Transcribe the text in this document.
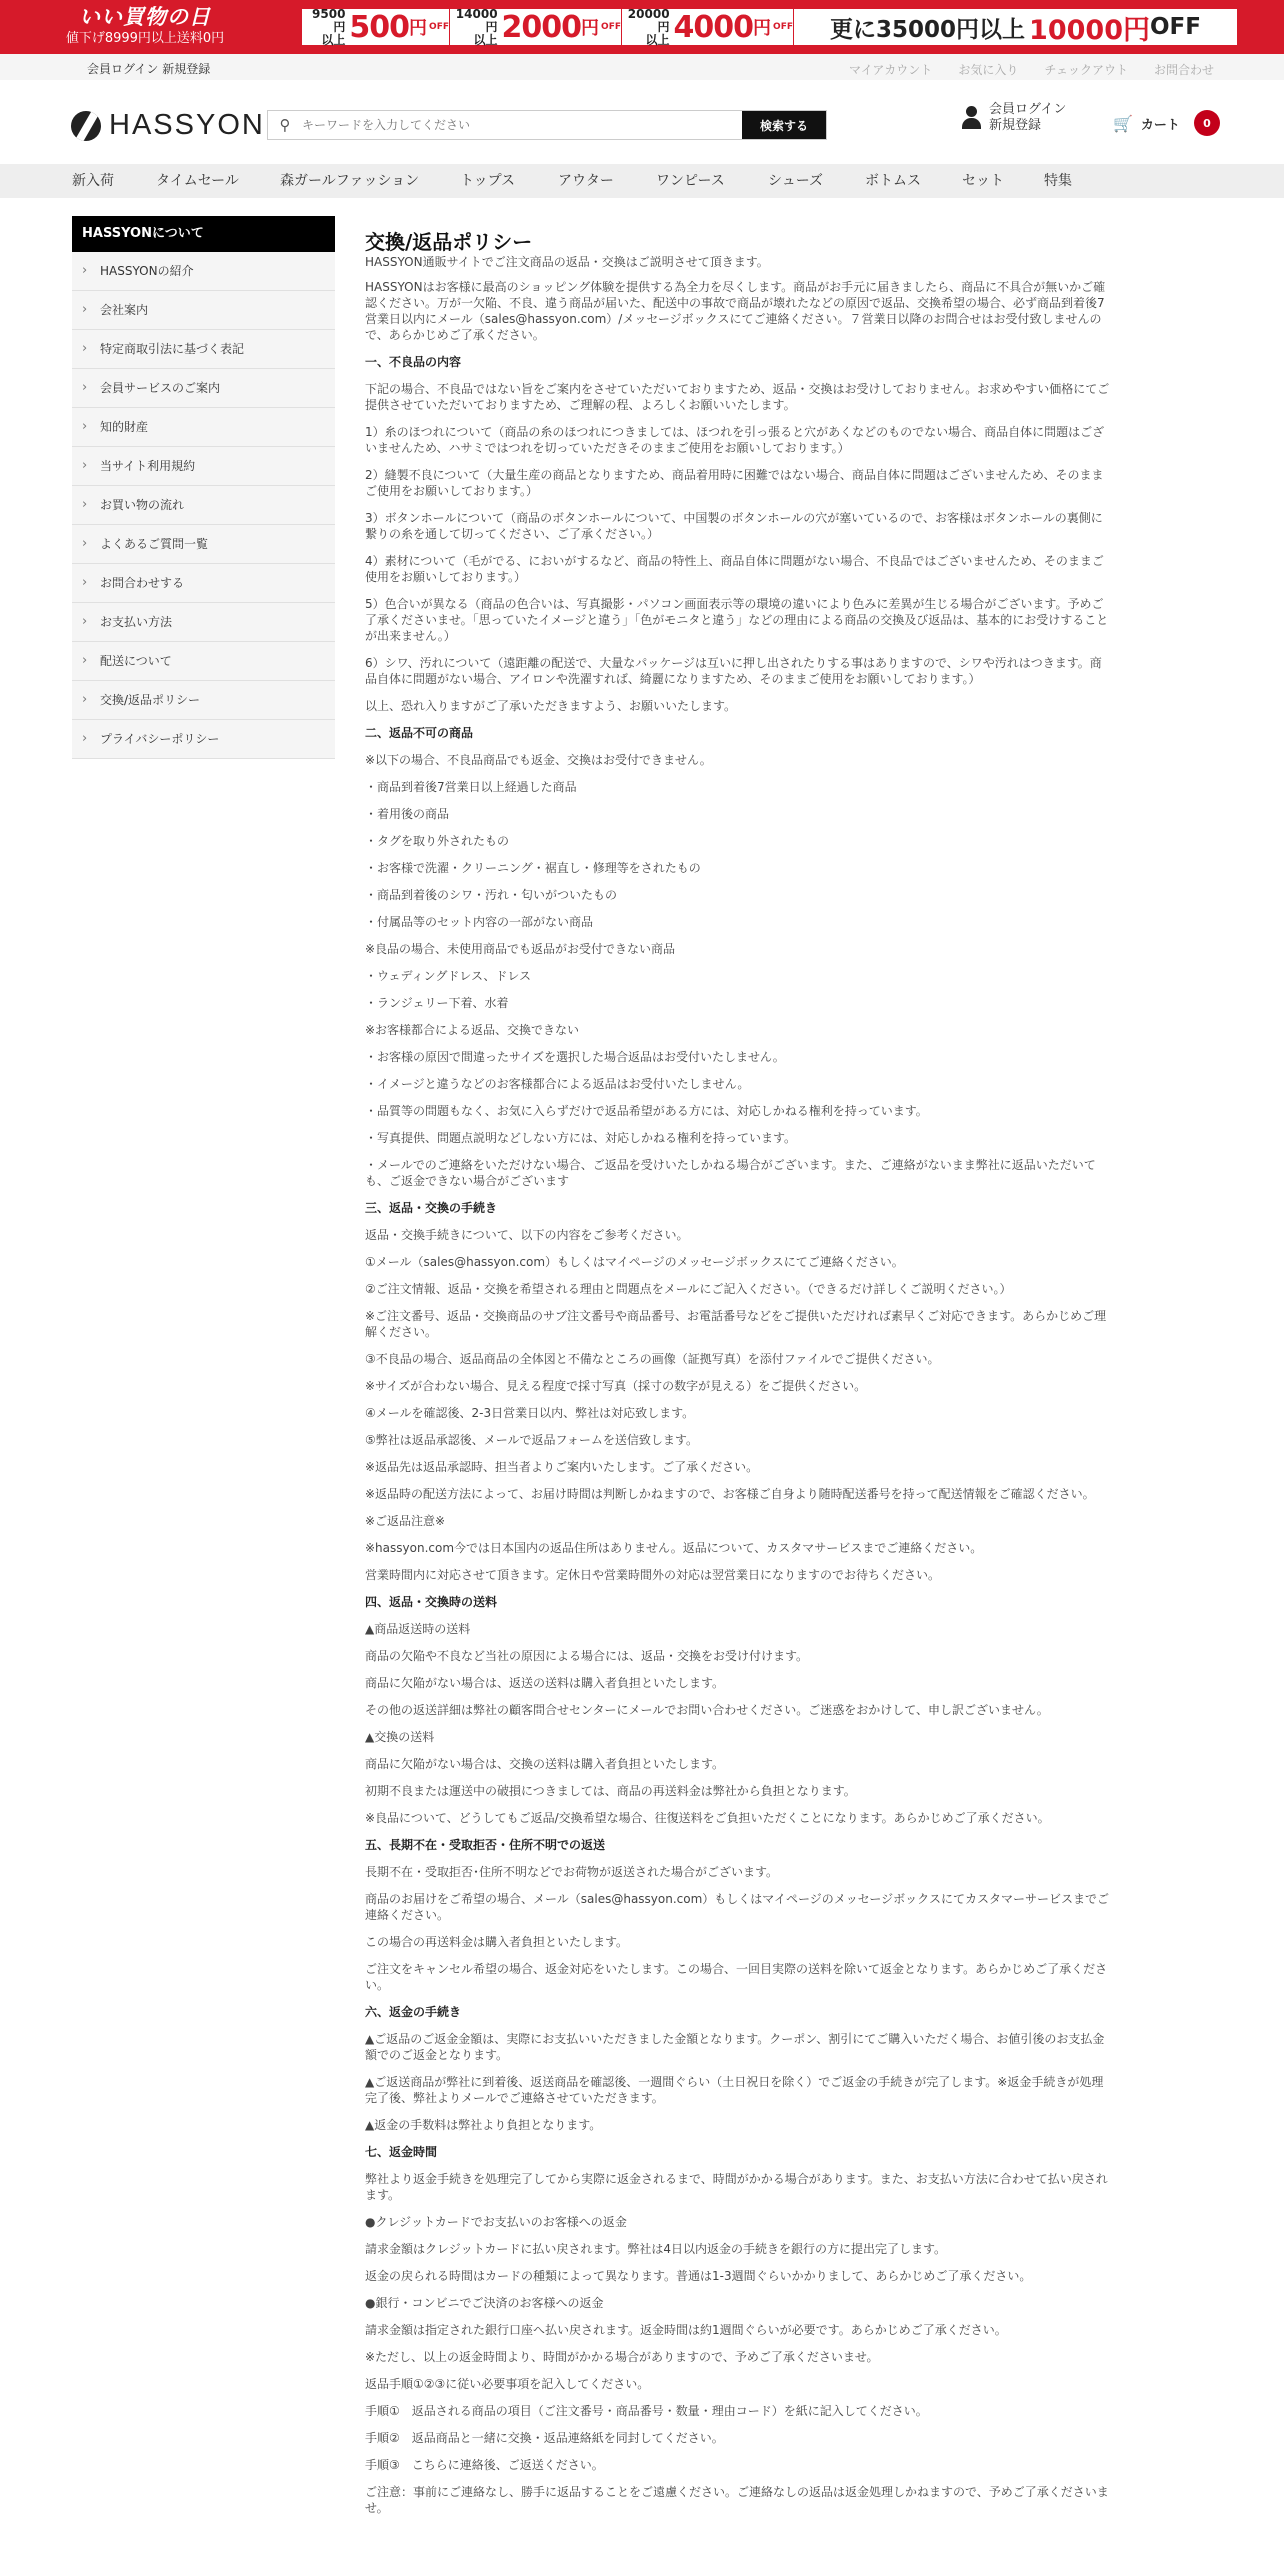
いい買物の日
値下げ8999円以上送料0円
9500円
以上 500 円 OFF
14000円
以上 2000 円 OFF
20000円
以上 4000 円 OFF 更に35000円以上 10000円 OFF
会員ログイン 新規登録	マイアカウント お気に入り チェックアウト お問合わせ
HASSYON ⚲
キーワードを入力してください	検索する
会員ログイン
新規登録	🛒 カート	0
新入荷	タイムセール	森ガールファッション	トップス	アウター	ワンピース	シューズ	ボトムス	セット	特集
HASSYONについて
› HASSYONの紹介
› 会社案内
› 特定商取引法に基づく表記
› 会員サービスのご案内
› 知的財産
› 当サイト利用規約
› お買い物の流れ
› よくあるご質問一覧
› お問合わせする
› お支払い方法
› 配送について
› 交換/返品ポリシー
› プライバシーポリシー
交換/返品ポリシー

HASSYON通販サイトでご注文商品の返品・交換はご説明させて頂きます。

HASSYONはお客様に最高のショッピング体験を提供する為全力を尽くします。商品がお手元に届きましたら、商品に不具合が無いかご確認ください。万が一欠陥、不良、違う商品が届いた、配送中の事故で商品が壊れたなどの原因で返品、交換希望の場合、必ず商品到着後7営業日以内にメール（sales@hassyon.com）/メッセージボックスにてご連絡ください。７営業日以降のお問合せはお受付致しませんので、あらかじめご了承ください。

一、不良品の内容

下記の場合、不良品ではない旨をご案内をさせていただいておりますため、返品・交換はお受けしておりません。お求めやすい価格にてご提供させていただいておりますため、ご理解の程、よろしくお願いいたします。

1）糸のほつれについて（商品の糸のほつれにつきましては、ほつれを引っ張ると穴があくなどのものでない場合、商品自体に問題はございませんため、ハサミではつれを切っていただきそのままご使用をお願いしております。）

2）縫製不良について（大量生産の商品となりますため、商品着用時に困難ではない場合、商品自体に問題はございませんため、そのままご使用をお願いしております。）

3）ボタンホールについて（商品のボタンホールについて、中国製のボタンホールの穴が塞いているので、お客様はボタンホールの裏側に繋りの糸を通して切ってください、ご了承ください。）

4）素材について（毛がでる、においがするなど、商品の特性上、商品自体に問題がない場合、不良品ではございませんため、そのままご使用をお願いしております。）

5）色合いが異なる（商品の色合いは、写真撮影・パソコン画面表示等の環境の違いにより色みに差異が生じる場合がございます。予めご了承くださいませ。「思っていたイメージと違う」「色がモニタと違う」などの理由による商品の交換及び返品は、基本的にお受けすることが出来ません。）

6）シワ、汚れについて（遠距離の配送で、大量なパッケージは互いに押し出されたりする事はありますので、シワや汚れはつきます。商品自体に問題がない場合、アイロンや洗濯すれば、綺麗になりますため、そのままご使用をお願いしております。）

以上、恐れ入りますがご了承いただきますよう、お願いいたします。

二、返品不可の商品

※以下の場合、不良品商品でも返金、交換はお受付できません。

・商品到着後7営業日以上経過した商品

・着用後の商品

・タグを取り外されたもの

・お客様で洗濯・クリーニング・裾直し・修理等をされたもの

・商品到着後のシワ・汚れ・匂いがついたもの

・付属品等のセット内容の一部がない商品

※良品の場合、未使用商品でも返品がお受付できない商品

・ウェディングドレス、ドレス

・ランジェリー下着、水着

※お客様都合による返品、交換できない

・お客様の原因で間違ったサイズを選択した場合返品はお受付いたしません。

・イメージと違うなどのお客様都合による返品はお受付いたしません。

・品質等の問題もなく、お気に入らずだけで返品希望がある方には、対応しかねる権利を持っています。

・写真提供、問題点説明などしない方には、対応しかねる権利を持っています。

・メールでのご連絡をいただけない場合、ご返品を受けいたしかねる場合がございます。また、ご連絡がないまま弊社に返品いただいても、ご返金できない場合がございます

三、返品・交換の手続き

返品・交換手続きについて、以下の内容をご参考ください。

①メール（sales@hassyon.com）もしくはマイページのメッセージボックスにてご連絡ください。

②ご注文情報、返品・交換を希望される理由と問題点をメールにご記入ください。（できるだけ詳しくご説明ください。）

※ご注文番号、返品・交換商品のサブ注文番号や商品番号、お電話番号などをご提供いただければ素早くご対応できます。あらかじめご理解ください。

③不良品の場合、返品商品の全体図と不備なところの画像（証拠写真）を添付ファイルでご提供ください。

※サイズが合わない場合、見える程度で採寸写真（採寸の数字が見える）をご提供ください。

④メールを確認後、2-3日営業日以内、弊社は対応致します。

⑤弊社は返品承認後、メールで返品フォームを送信致します。

※返品先は返品承認時、担当者よりご案内いたします。ご了承ください。

※返品時の配送方法によって、お届け時間は判断しかねますので、お客様ご自身より随時配送番号を持って配送情報をご確認ください。

※ご返品注意※

※hassyon.com今では日本国内の返品住所はありません。返品について、カスタマサービスまでご連絡ください。

営業時間内に対応させて頂きます。定休日や営業時間外の対応は翌営業日になりますのでお待ちください。

四、返品・交換時の送料

▲商品返送時の送料

商品の欠陥や不良など当社の原因による場合には、返品・交換をお受け付けます。

商品に欠陥がない場合は、返送の送料は購入者負担といたします。

その他の返送詳細は弊社の顧客問合せセンターにメールでお問い合わせください。ご迷惑をおかけして、申し訳ございません。

▲交換の送料

商品に欠陥がない場合は、交換の送料は購入者負担といたします。

初期不良または運送中の破損につきましては、商品の再送料金は弊社から負担となります。

※良品について、どうしてもご返品/交換希望な場合、往復送料をご負担いただくことになります。あらかじめご了承ください。

五、長期不在・受取拒否・住所不明での返送

長期不在・受取拒否･住所不明などでお荷物が返送された場合がございます。

商品のお届けをご希望の場合、メール（sales@hassyon.com）もしくはマイページのメッセージボックスにてカスタマーサービスまでご連絡ください。

この場合の再送料金は購入者負担といたします。

ご注文をキャンセル希望の場合、返金対応をいたします。この場合、一回目実際の送料を除いて返金となります。あらかじめご了承ください。

六、返金の手続き

▲ご返品のご返金金額は、実際にお支払いいただきました金額となります。クーポン、割引にてご購入いただく場合、お値引後のお支払金額でのご返金となります。

▲ご返送商品が弊社に到着後、返送商品を確認後、一週間ぐらい（土日祝日を除く）でご返金の手続きが完了します。※返金手続きが処理完了後、弊社よりメールでご連絡させていただきます。

▲返金の手数料は弊社より負担となります。

七、返金時間

弊社より返金手続きを処理完了してから実際に返金されるまで、時間がかかる場合があります。また、お支払い方法に合わせて払い戻されます。

●クレジットカードでお支払いのお客様への返金

請求金額はクレジットカードに払い戻されます。弊社は4日以内返金の手続きを銀行の方に提出完了します。

返金の戻られる時間はカードの種類によって異なります。普通は1-3週間ぐらいかかりまして、あらかじめご了承ください。

●銀行・コンビニでご決済のお客様への返金

請求金額は指定された銀行口座へ払い戻されます。返金時間は約1週間ぐらいが必要です。あらかじめご了承ください。

※ただし、以上の返金時間より、時間がかかる場合がありますので、予めご了承くださいませ。

返品手順①②③に従い必要事項を記入してください。

手順①　返品される商品の項目（ご注文番号・商品番号・数量・理由コード）を紙に記入してください。

手順②　返品商品と一緒に交換・返品連絡紙を同封してください。

手順③　こちらに連絡後、ご返送ください。

ご注意：事前にご連絡なし、勝手に返品することをご遠慮ください。ご連絡なしの返品は返金処理しかねますので、予めご了承くださいませ。
